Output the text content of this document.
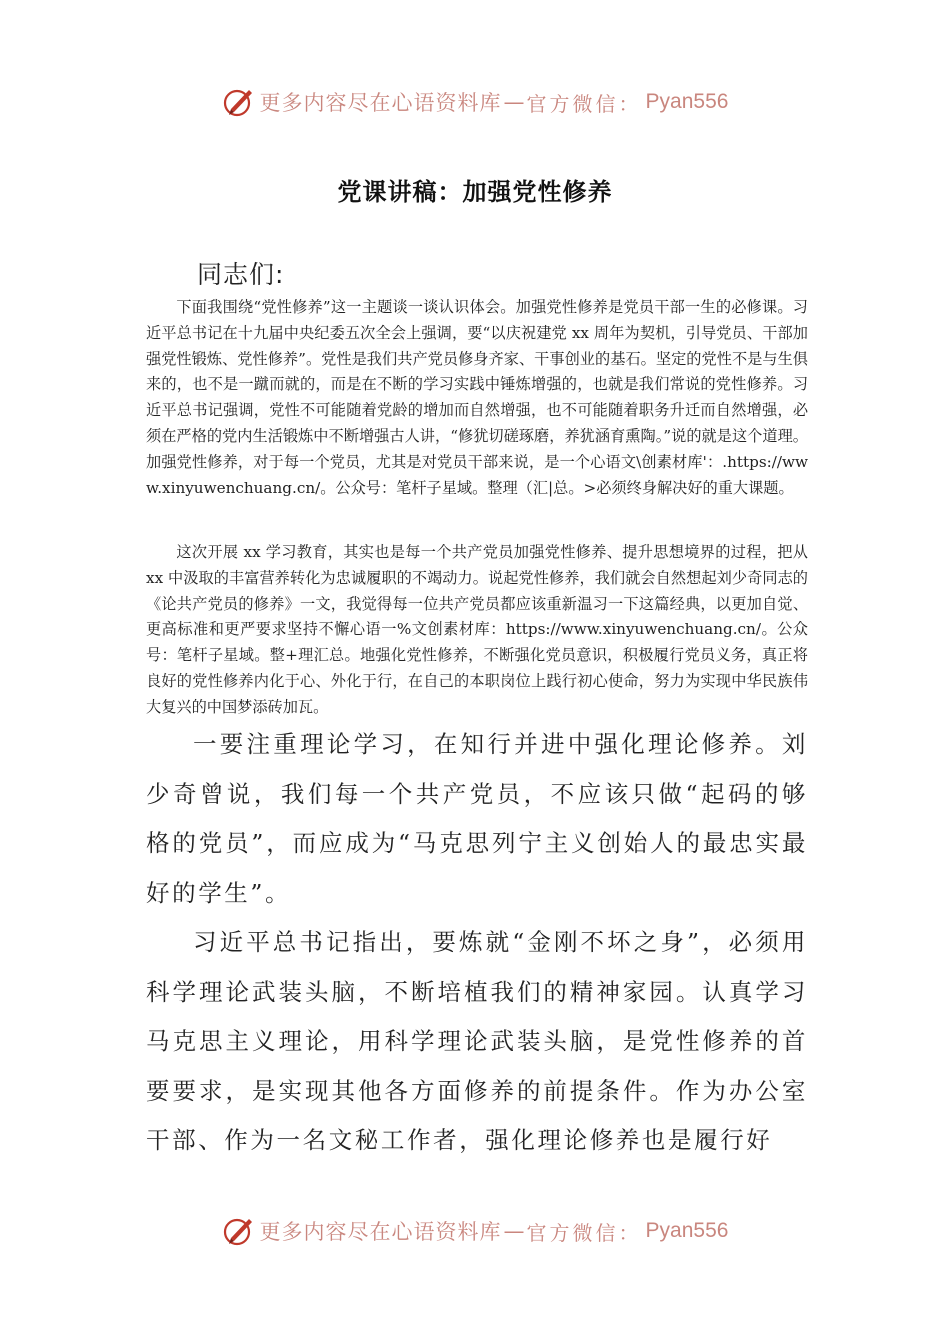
更多内容尽在心语资料库 — 官方微信： Pyan556
党课讲稿：加强党性修养
同志们:

下面我围绕“党性修养”这一主题谈一谈认识体会。加强党性修养是党员干部一生的必修课。习近平总书记在十九届中央纪委五次全会上强调，要“以庆祝建党 xx 周年为契机，引导党员、干部加强党性锻炼、党性修养”。党性是我们共产党员修身齐家、干事创业的基石。坚定的党性不是与生俱来的，也不是一蹴而就的，而是在不断的学习实践中锤炼增强的，也就是我们常说的党性修养。习近平总书记强调，党性不可能随着党龄的增加而自然增强，也不可能随着职务升迁而自然增强，必须在严格的党内生活锻炼中不断增强古人讲，“修犹切磋琢磨，养犹涵育熏陶。”说的就是这个道理。加强党性修养，对于每一个党员，尤其是对党员干部来说，是一个心语文\创素材库'：.https://www.xinyuwenchuang.cn/。公众号：笔杆子星域。整理（汇|总。>必须终身解决好的重大课题。

这次开展 xx 学习教育，其实也是每一个共产党员加强党性修养、提升思想境界的过程，把从 xx 中汲取的丰富营养转化为忠诚履职的不竭动力。说起党性修养，我们就会自然想起刘少奇同志的《论共产党员的修养》一文，我觉得每一位共产党员都应该重新温习一下这篇经典，以更加自觉、更高标准和更严要求坚持不懈心语一%文创素材库：https://www.xinyuwenchuang.cn/。公众号：笔杆子星域。整+理汇总。地强化党性修养，不断强化党员意识，积极履行党员义务，真正将良好的党性修养内化于心、外化于行，在自己的本职岗位上践行初心使命，努力为实现中华民族伟大复兴的中国梦添砖加瓦。

一要注重理论学习，在知行并进中强化理论修养。刘少奇曾说，我们每一个共产党员，不应该只做“起码的够格的党员”，而应成为“马克思列宁主义创始人的最忠实最好的学生”。

习近平总书记指出，要炼就“金刚不坏之身”，必须用科学理论武装头脑，不断培植我们的精神家园。认真学习马克思主义理论，用科学理论武装头脑，是党性修养的首要要求，是实现其他各方面修养的前提条件。作为办公室干部、作为一名文秘工作者，强化理论修养也是履行好

更多内容尽在心语资料库 — 官方微信： Pyan556
